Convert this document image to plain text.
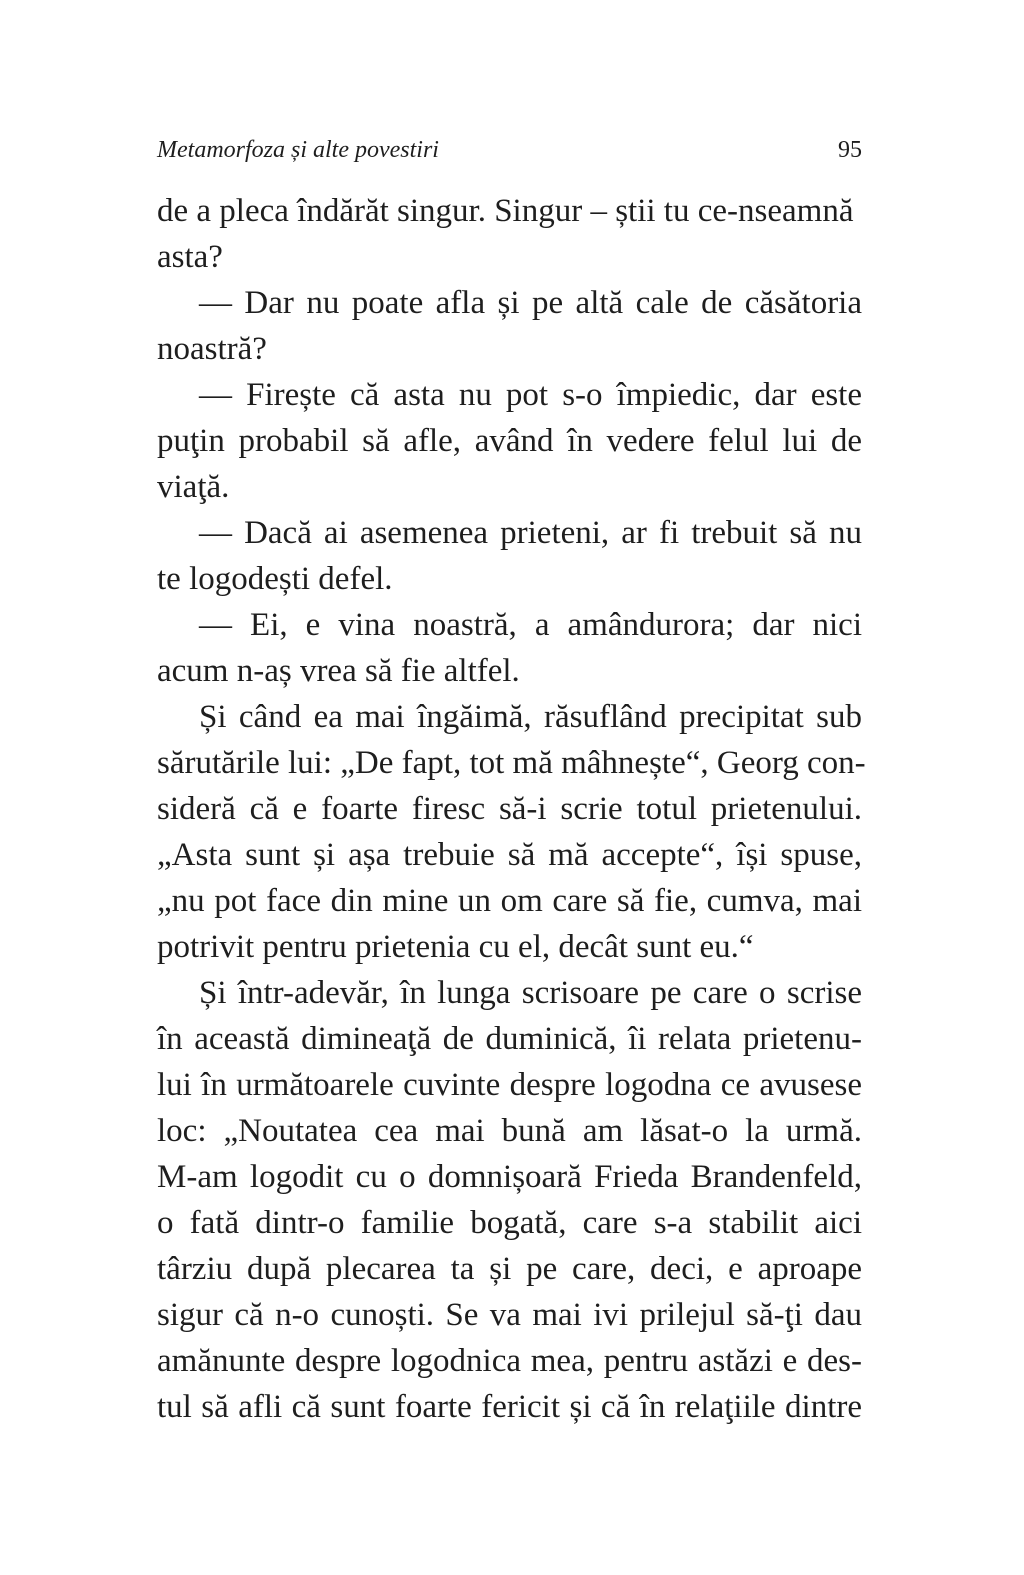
Metamorfoza și alte povestiri	95
de a pleca îndărăt singur. Singur – știi tu ce-nseamnă
asta?
— Dar nu poate afla și pe altă cale de căsătoria
noastră?
— Firește că asta nu pot s-o împiedic, dar este
puţin probabil să afle, având în vedere felul lui de
viaţă.
— Dacă ai asemenea prieteni, ar fi trebuit să nu
te logodești defel.
— Ei, e vina noastră, a amândurora; dar nici
acum n-aș vrea să fie altfel.
Și când ea mai îngăimă, răsuflând precipitat sub
sărutările lui: „De fapt, tot mă mâhnește“, Georg con-
sideră că e foarte firesc să-i scrie totul prietenului.
„Asta sunt și așa trebuie să mă accepte“, își spuse,
„nu pot face din mine un om care să fie, cumva, mai
potrivit pentru prietenia cu el, decât sunt eu.“
Și într-adevăr, în lunga scrisoare pe care o scrise
în această dimineaţă de duminică, îi relata prietenu-
lui în următoarele cuvinte despre logodna ce avusese
loc: „Noutatea cea mai bună am lăsat-o la urmă.
M-am logodit cu o domnișoară Frieda Brandenfeld,
o fată dintr-o familie bogată, care s-a stabilit aici
târziu după plecarea ta și pe care, deci, e aproape
sigur că n-o cunoști. Se va mai ivi prilejul să-ţi dau
amănunte despre logodnica mea, pentru astăzi e des-
tul să afli că sunt foarte fericit și că în relaţiile dintre
